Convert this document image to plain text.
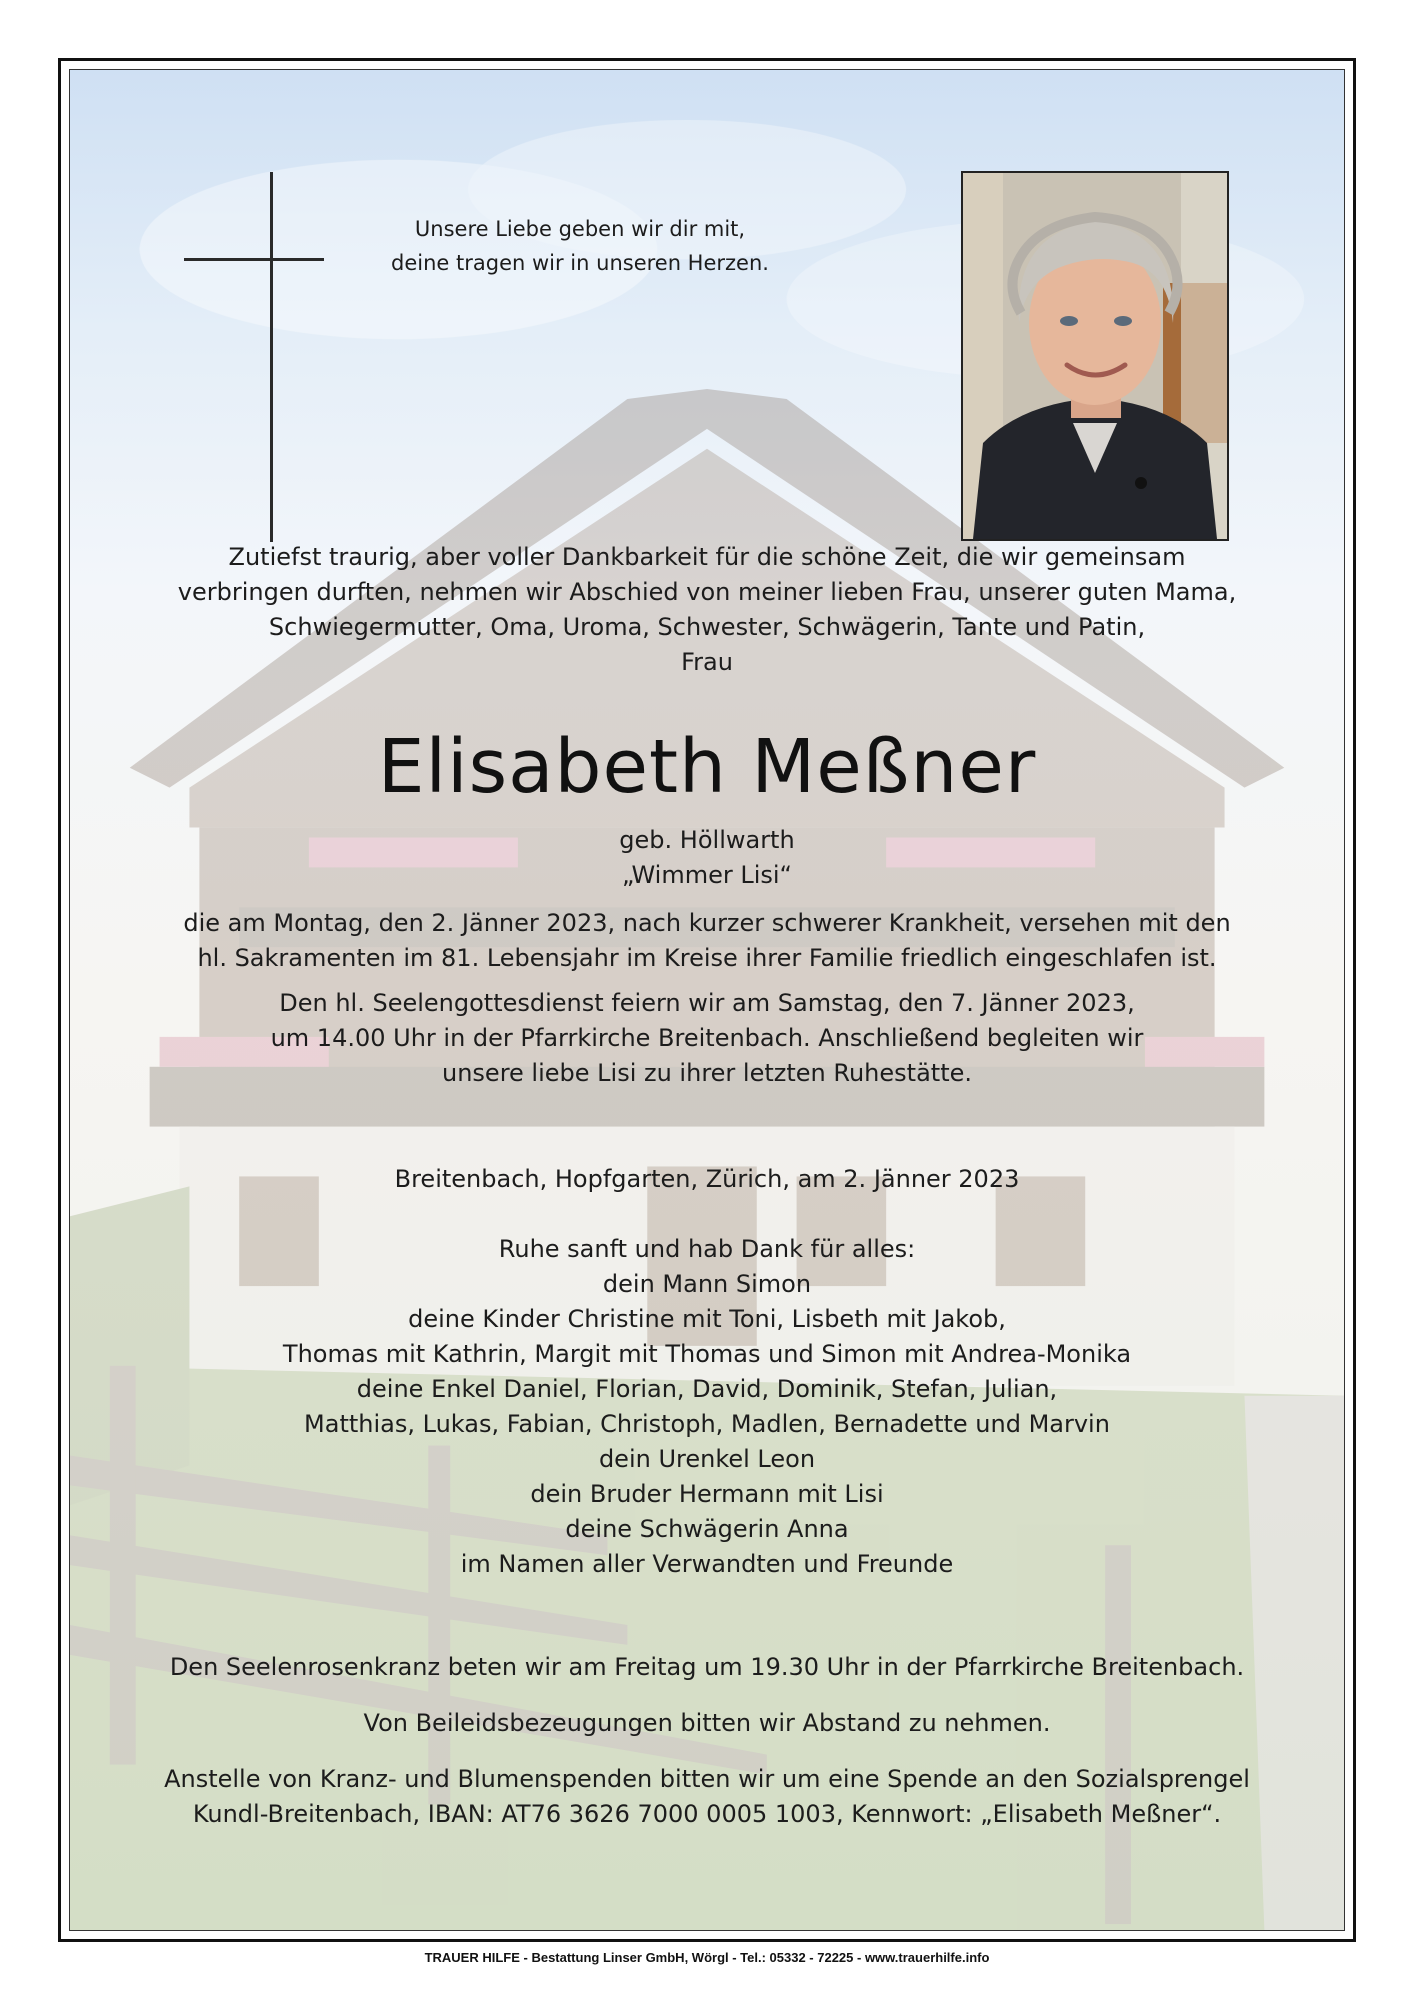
Unsere Liebe geben wir dir mit,
deine tragen wir in unseren Herzen.
Zutiefst traurig, aber voller Dankbarkeit für die schöne Zeit, die wir gemeinsam
verbringen durften, nehmen wir Abschied von meiner lieben Frau, unserer guten Mama,
Schwiegermutter, Oma, Uroma, Schwester, Schwägerin, Tante und Patin,
Frau
Elisabeth Meßner
geb. Höllwarth
„Wimmer Lisi“
die am Montag, den 2. Jänner 2023, nach kurzer schwerer Krankheit, versehen mit den
hl. Sakramenten im 81. Lebensjahr im Kreise ihrer Familie friedlich eingeschlafen ist.
Den hl. Seelengottesdienst feiern wir am Samstag, den 7. Jänner 2023,
um 14.00 Uhr in der Pfarrkirche Breitenbach. Anschließend begleiten wir
unsere liebe Lisi zu ihrer letzten Ruhestätte.
Breitenbach, Hopfgarten, Zürich, am 2. Jänner 2023
Ruhe sanft und hab Dank für alles:
dein Mann Simon
deine Kinder Christine mit Toni, Lisbeth mit Jakob,
Thomas mit Kathrin, Margit mit Thomas und Simon mit Andrea-Monika
deine Enkel Daniel, Florian, David, Dominik, Stefan, Julian,
Matthias, Lukas, Fabian, Christoph, Madlen, Bernadette und Marvin
dein Urenkel Leon
dein Bruder Hermann mit Lisi
deine Schwägerin Anna
im Namen aller Verwandten und Freunde
Den Seelenrosenkranz beten wir am Freitag um 19.30 Uhr in der Pfarrkirche Breitenbach.
Von Beileidsbezeugungen bitten wir Abstand zu nehmen.
Anstelle von Kranz- und Blumenspenden bitten wir um eine Spende an den Sozialsprengel
Kundl-Breitenbach, IBAN: AT76 3626 7000 0005 1003, Kennwort: „Elisabeth Meßner“.
TRAUER HILFE - Bestattung Linser GmbH, Wörgl - Tel.: 05332 - 72225 - www.trauerhilfe.info
